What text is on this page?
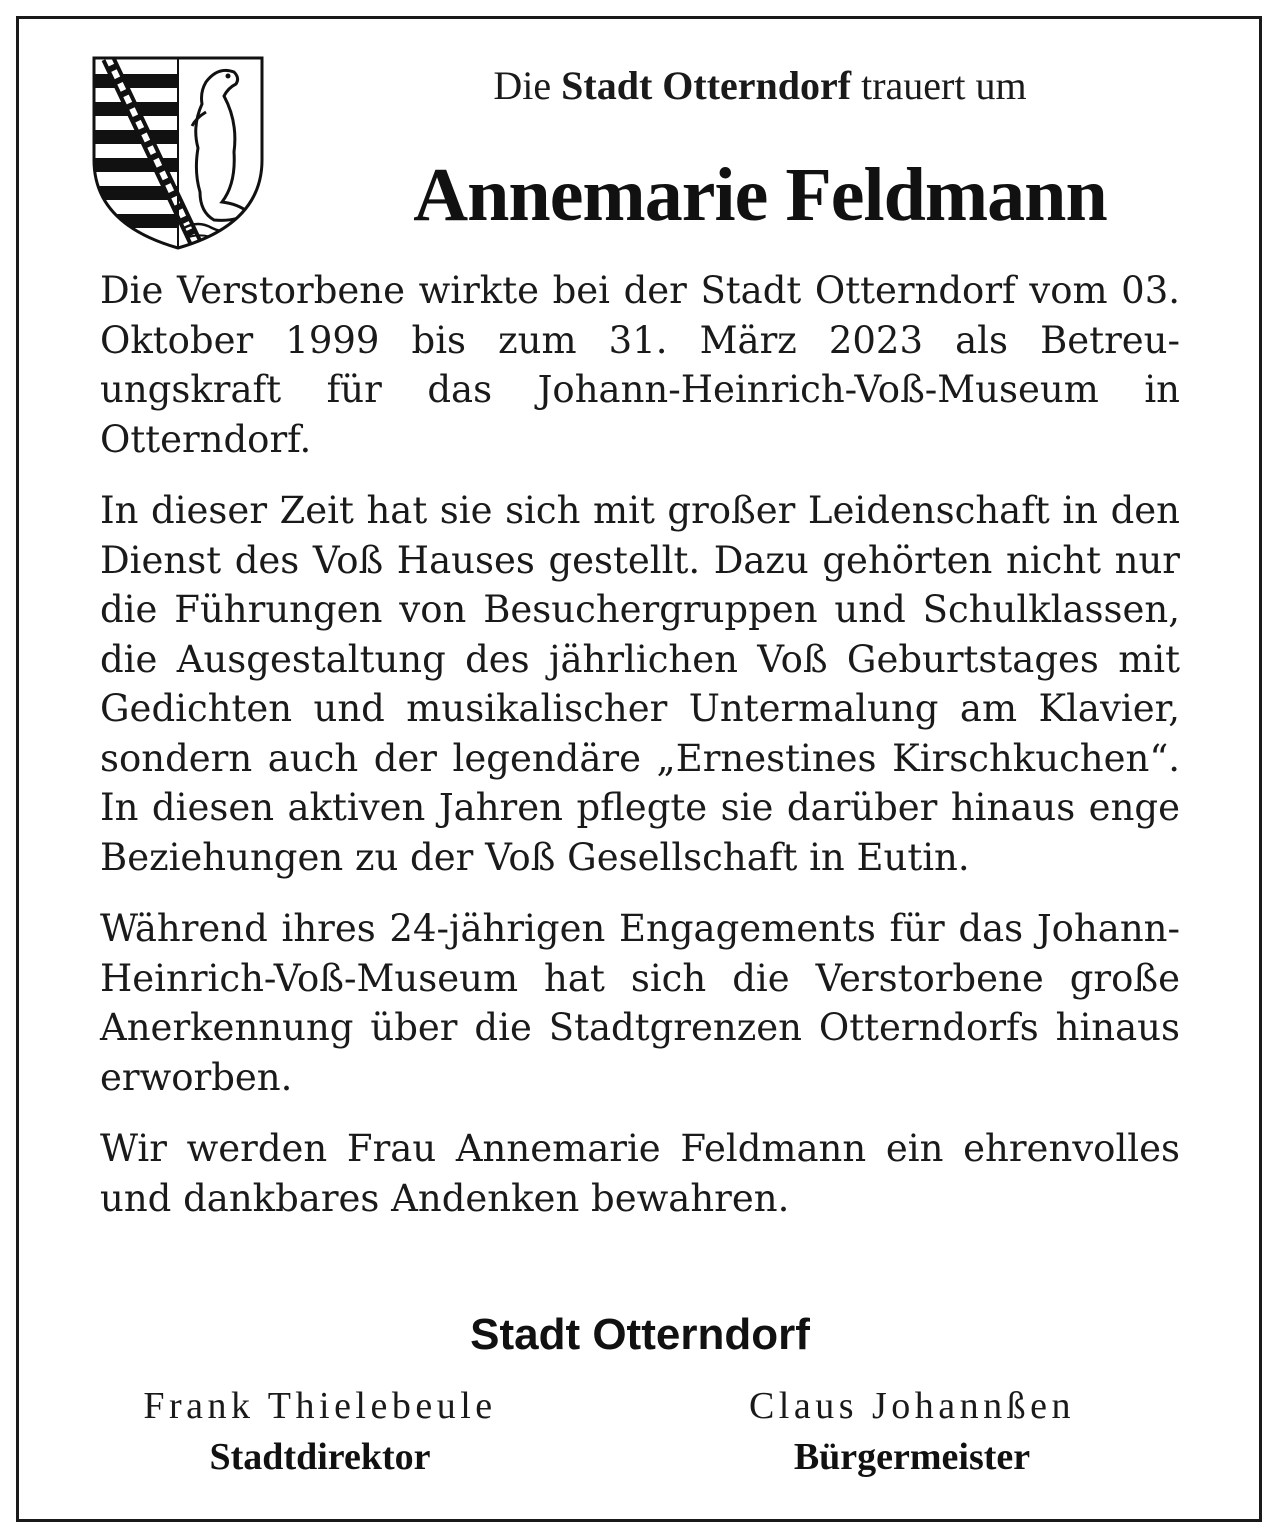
Die Stadt Otterndorf trauert um
Annemarie Feldmann

Die Verstorbene wirkte bei der Stadt Otterndorf vom 03. Oktober 1999 bis zum 31. März 2023 als Betreuungskraft für das Johann-Heinrich-Voß-Museum in Otterndorf.

In dieser Zeit hat sie sich mit großer Leidenschaft in den Dienst des Voß Hauses gestellt. Dazu gehörten nicht nur die Führungen von Besuchergruppen und Schulklassen, die Ausgestaltung des jährlichen Voß Geburtstages mit Gedichten und musikalischer Untermalung am Klavier, sondern auch der legendäre „Ernestines Kirschkuchen“. In diesen aktiven Jahren pflegte sie darüber hinaus enge Beziehungen zu der Voß Gesellschaft in Eutin.

Während ihres 24-jährigen Engagements für das Johann-Heinrich-Voß-Museum hat sich die Verstorbene große Anerkennung über die Stadtgrenzen Otterndorfs hinaus erworben.

Wir werden Frau Annemarie Feldmann ein ehrenvolles und dankbares Andenken bewahren.

Stadt Otterndorf
Frank Thielebeule
Stadtdirektor
Claus Johannßen
Bürgermeister
